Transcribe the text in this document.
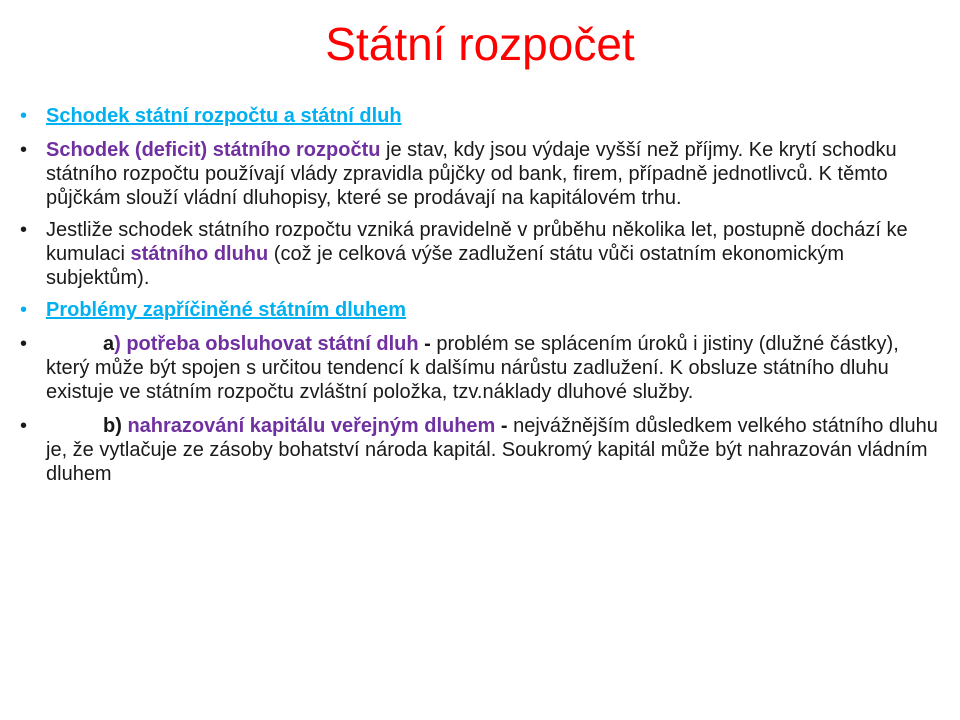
Státní rozpočet
• Schodek státní rozpočtu a státní dluh
• Schodek (deficit) státního rozpočtu je stav, kdy jsou výdaje vyšší než příjmy. Ke krytí schodku státního rozpočtu používají vlády zpravidla půjčky od bank, firem, případně jednotlivců. K těmto půjčkám slouží vládní dluhopisy, které se prodávají na kapitálovém trhu.
• Jestliže schodek státního rozpočtu vzniká pravidelně v průběhu několika let, postupně dochází ke kumulaci státního dluhu (což je celková výše zadlužení státu vůči ostatním ekonomickým subjektům).
• Problémy zapříčiněné státním dluhem
• a) potřeba obsluhovat státní dluh - problém se splácením úroků i jistiny (dlužné částky), který může být spojen s určitou tendencí k dalšímu nárůstu zadlužení. K obsluze státního dluhu existuje ve státním rozpočtu zvláštní položka, tzv.náklady dluhové služby.
• b) nahrazování kapitálu veřejným dluhem - nejvážnějším důsledkem velkého státního dluhu je, že vytlačuje ze zásoby bohatství národa kapitál. Soukromý kapitál může být nahrazován vládním dluhem
